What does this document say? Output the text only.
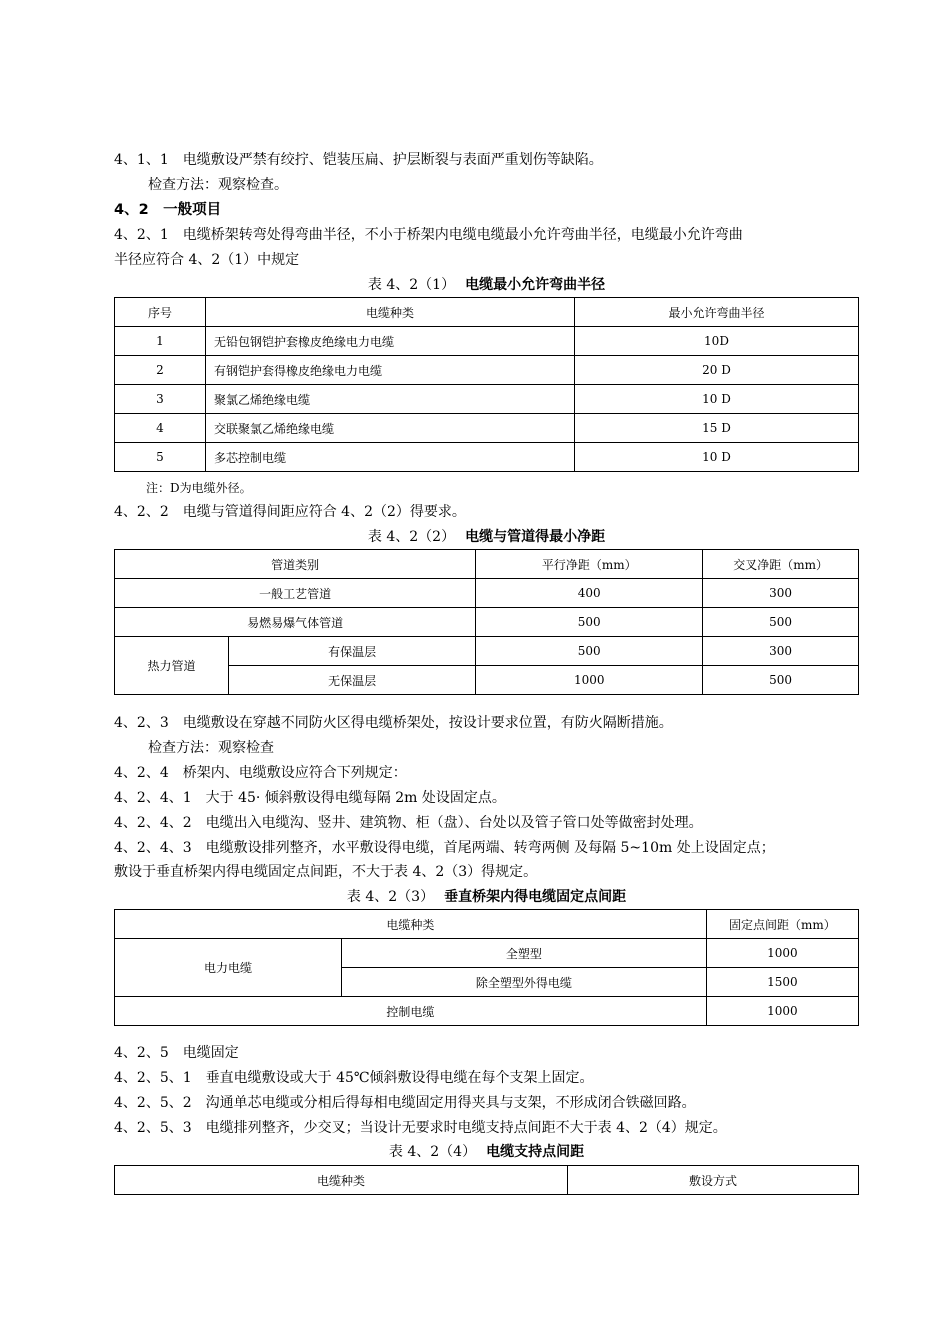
4、1、1　电缆敷设严禁有绞拧、铠装压扁、护层断裂与表面严重划伤等缺陷。
检查方法：观察检查。
4、2　一般项目
4、2、1　电缆桥架转弯处得弯曲半径，不小于桥架内电缆电缆最小允许弯曲半径，电缆最小允许弯曲
半径应符合 4、2（1）中规定
表 4、2（1） 电缆最小允许弯曲半径
序号	电缆种类	最小允许弯曲半径
1	无铅包钢铠护套橡皮绝缘电力电缆	10D
2	有钢铠护套得橡皮绝缘电力电缆	20 D
3	聚氯乙烯绝缘电缆	10 D
4	交联聚氯乙烯绝缘电缆	15 D
5	多芯控制电缆	10 D
注：D为电缆外径。
4、2、2　电缆与管道得间距应符合 4、2（2）得要求。
表 4、2（2） 电缆与管道得最小净距
管道类别		平行净距（mm）	交叉净距（mm）
一般工艺管道		400	300
易燃易爆气体管道		500	500
热力管道	有保温层	500	300
	无保温层	1000	500
4、2、3　电缆敷设在穿越不同防火区得电缆桥架处，按设计要求位置，有防火隔断措施。
检查方法：观察检查
4、2、4　桥架内、电缆敷设应符合下列规定：
4、2、4、1　大于 45· 倾斜敷设得电缆每隔 2m 处设固定点。
4、2、4、2　电缆出入电缆沟、竖井、建筑物、柜（盘）、台处以及管子管口处等做密封处理。
4、2、4、3　电缆敷设排列整齐，水平敷设得电缆，首尾两端、转弯两侧 及每隔 5~10m 处上设固定点；
敷设于垂直桥架内得电缆固定点间距，不大于表 4、2（3）得规定。
表 4、2（3） 垂直桥架内得电缆固定点间距
电缆种类		固定点间距（mm）
电力电缆	全塑型	1000
	除全塑型外得电缆	1500
控制电缆		1000
4、2、5　电缆固定
4、2、5、1　垂直电缆敷设或大于 45℃倾斜敷设得电缆在每个支架上固定。
4、2、5、2　沟通单芯电缆或分相后得每相电缆固定用得夹具与支架，不形成闭合铁磁回路。
4、2、5、3　电缆排列整齐，少交叉；当设计无要求时电缆支持点间距不大于表 4、2（4）规定。
表 4、2（4） 电缆支持点间距
电缆种类	敷设方式
